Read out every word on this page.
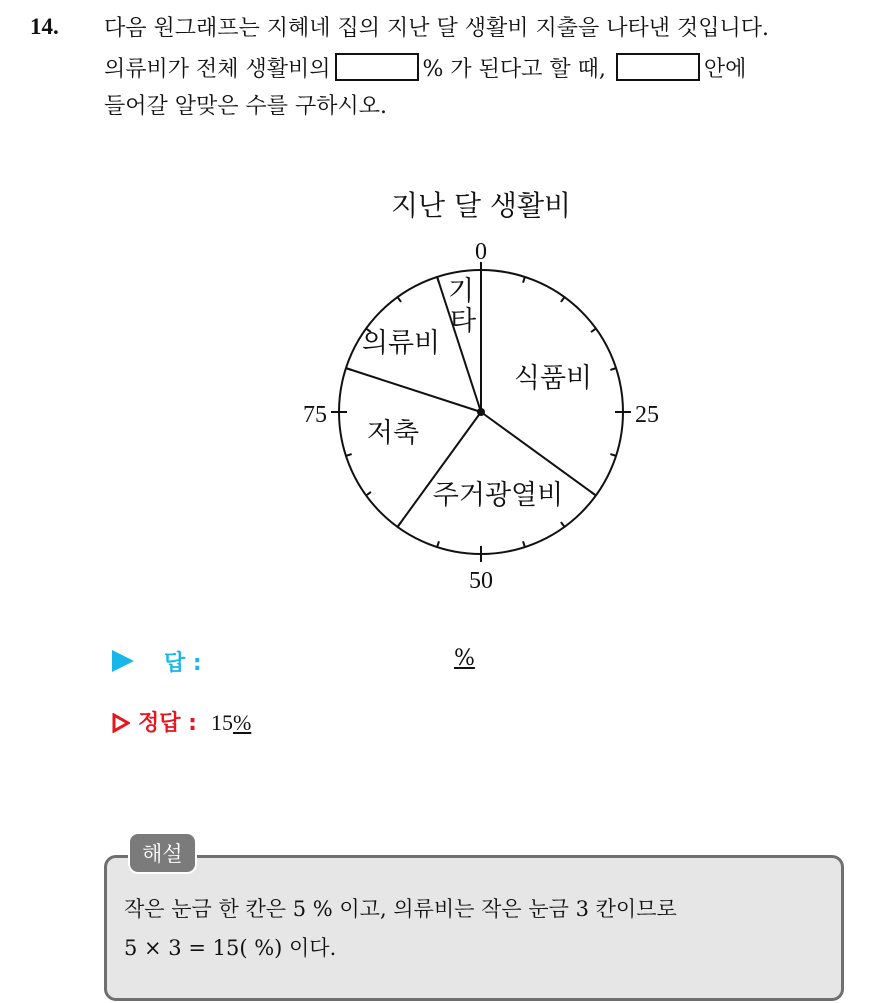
14. 다음 원그래프는 지혜네 집의 지난 달 생활비 지출을 나타낸 것입니다.
의류비가 전체 생활비의	% 가 된다고 할 때,	안에
들어갈 알맞은 수를 구하시오.
지난 달 생활비
식품비
주거광열비
저축
의류비
기
타
0
25
50
75
답 :	%
정답 : 15%
해설
작은 눈금 한 칸은 5 % 이고, 의류비는 작은 눈금 3 칸이므로
5 × 3 = 15( %) 이다.
